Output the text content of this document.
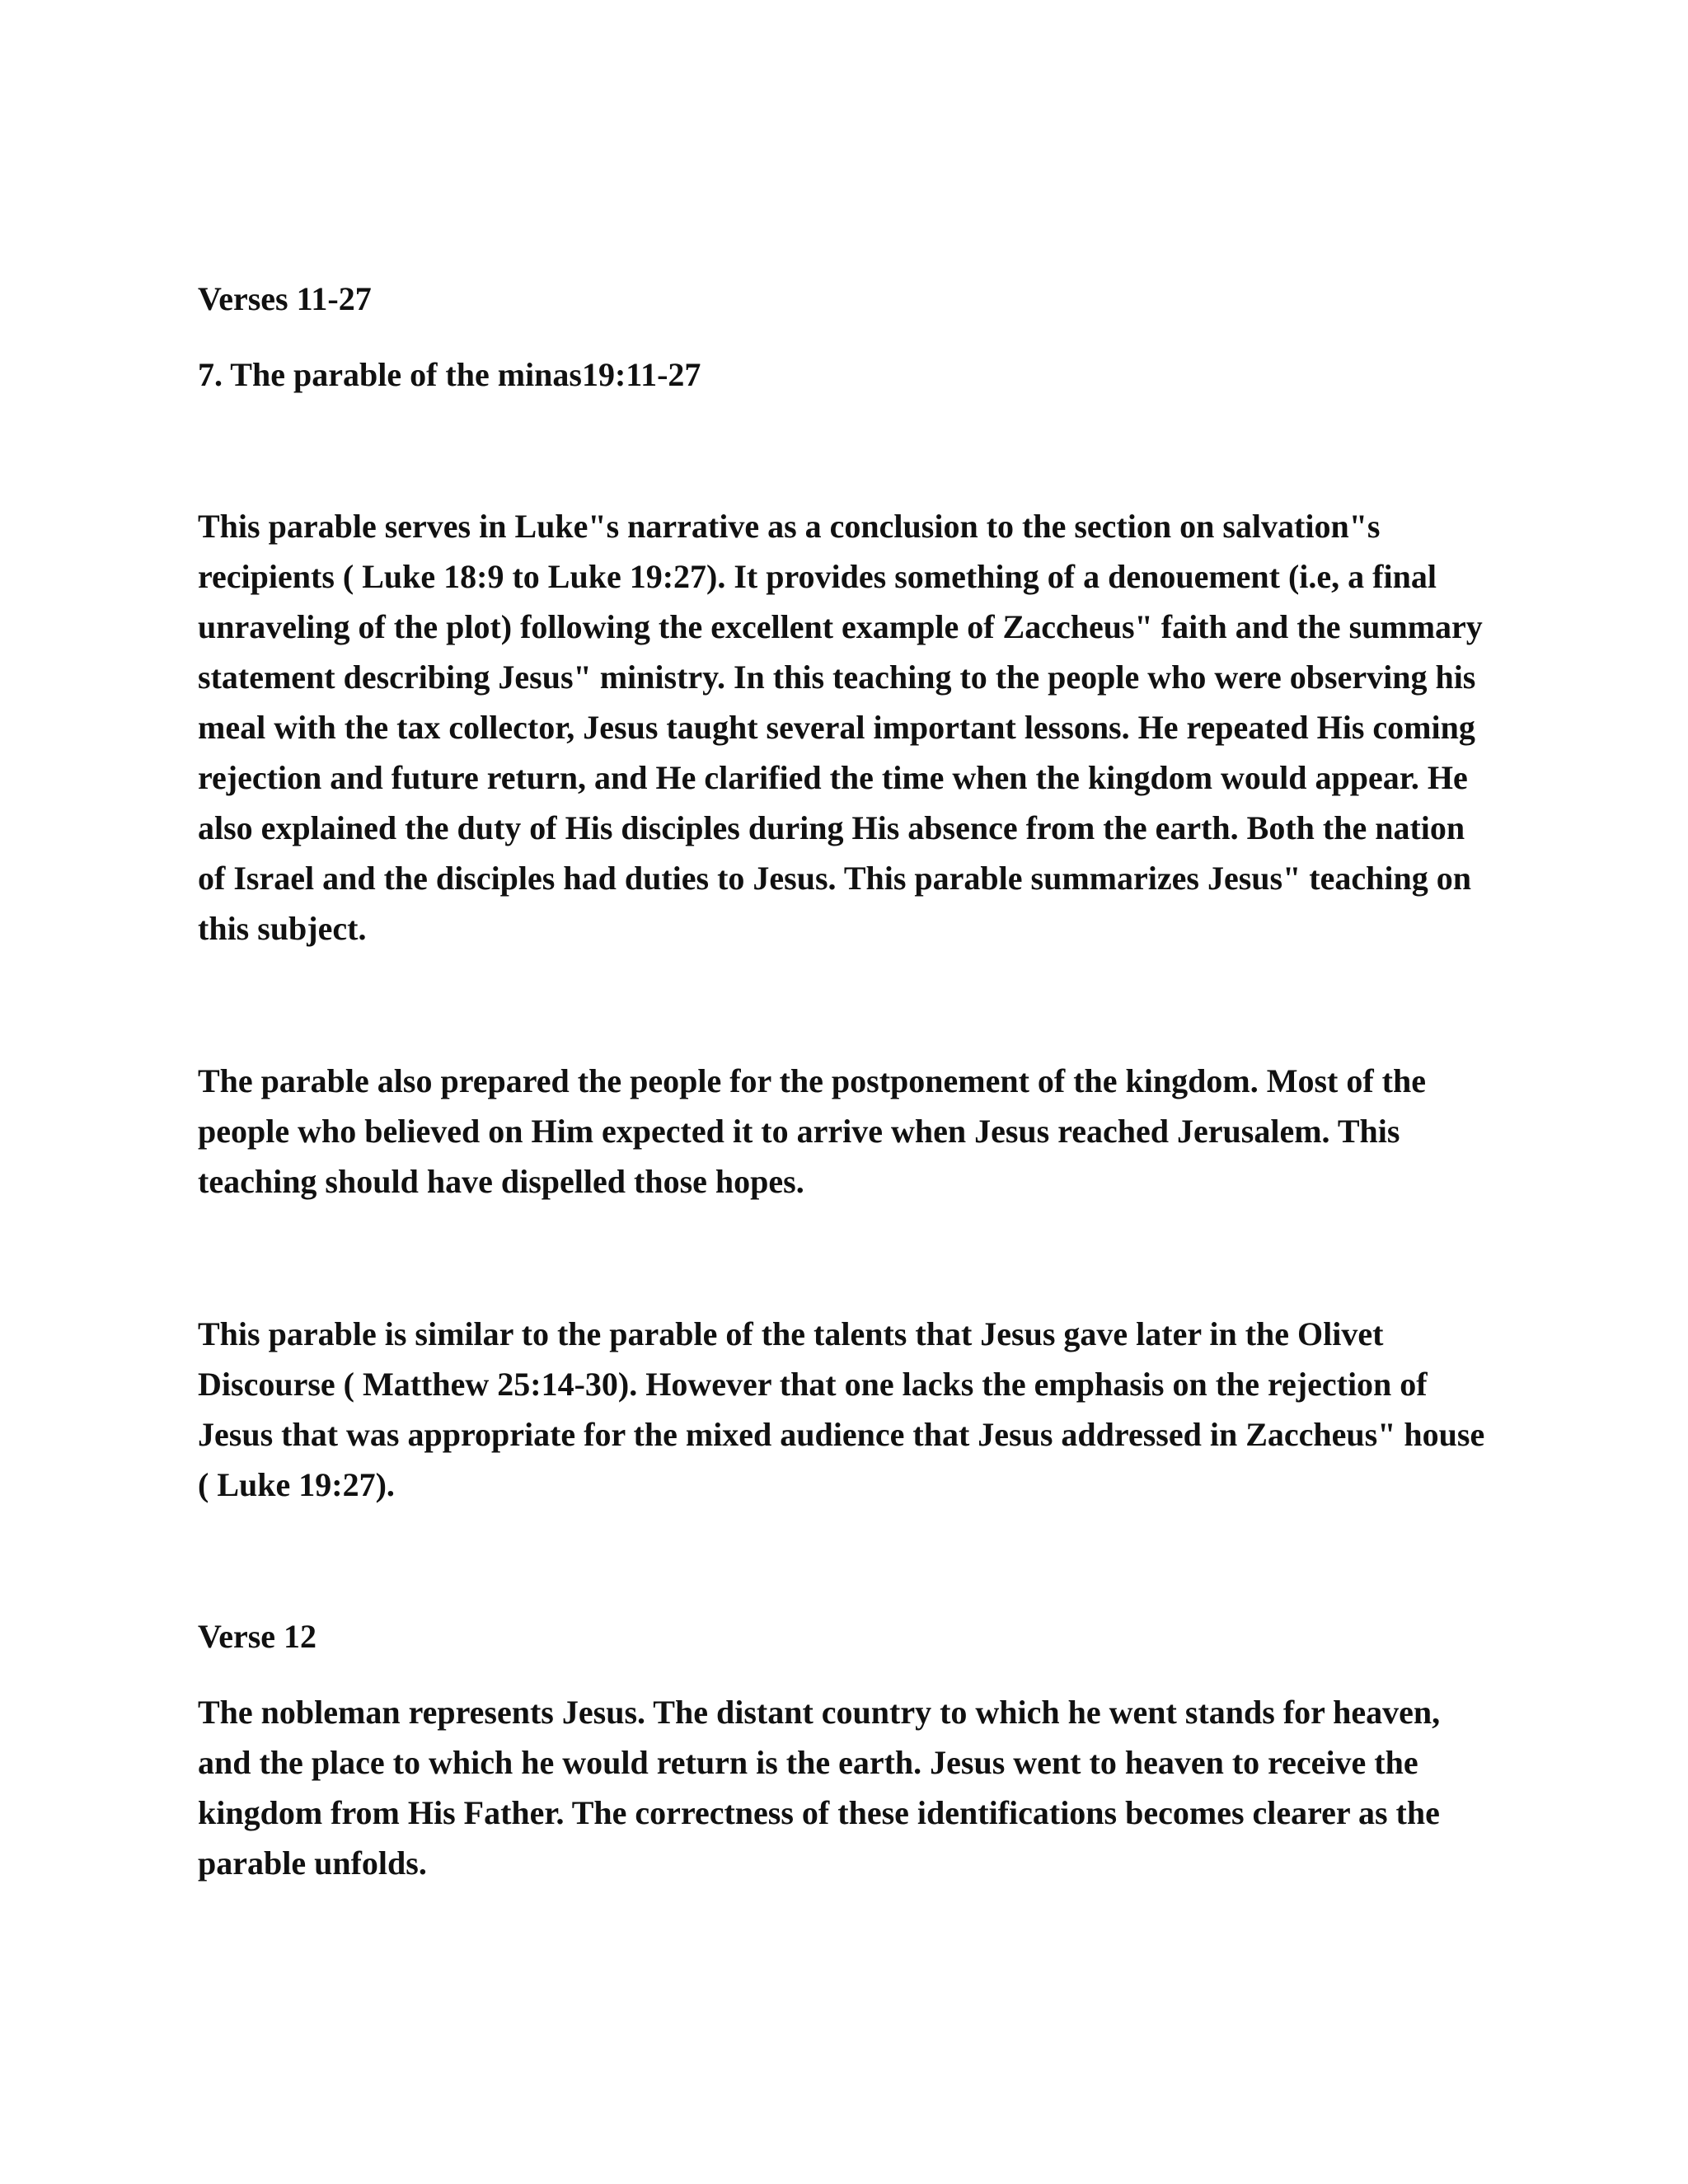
Verses 11-27

7. The parable of the minas19:11-27

This parable serves in Luke"s narrative as a conclusion to the section on salvation"s recipients ( Luke 18:9 to Luke 19:27). It provides something of a denouement (i.e, a final unraveling of the plot) following the excellent example of Zaccheus" faith and the summary statement describing Jesus" ministry. In this teaching to the people who were observing his meal with the tax collector, Jesus taught several important lessons. He repeated His coming rejection and future return, and He clarified the time when the kingdom would appear. He also explained the duty of His disciples during His absence from the earth. Both the nation of Israel and the disciples had duties to Jesus. This parable summarizes Jesus" teaching on this subject.

The parable also prepared the people for the postponement of the kingdom. Most of the people who believed on Him expected it to arrive when Jesus reached Jerusalem. This teaching should have dispelled those hopes.

This parable is similar to the parable of the talents that Jesus gave later in the Olivet Discourse ( Matthew 25:14-30). However that one lacks the emphasis on the rejection of Jesus that was appropriate for the mixed audience that Jesus addressed in Zaccheus" house ( Luke 19:27).

Verse 12

The nobleman represents Jesus. The distant country to which he went stands for heaven, and the place to which he would return is the earth. Jesus went to heaven to receive the kingdom from His Father. The correctness of these identifications becomes clearer as the parable unfolds.
